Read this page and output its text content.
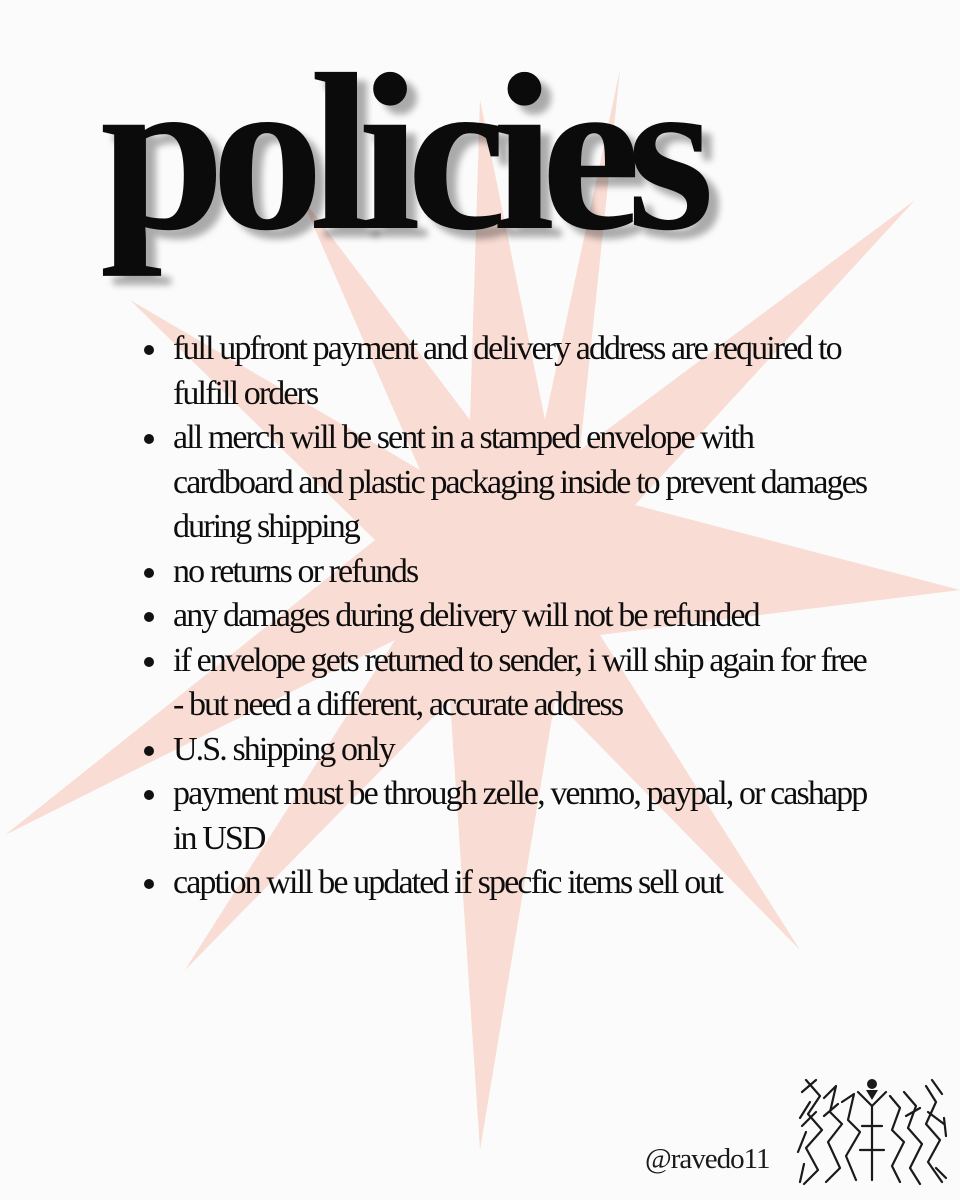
policies
full upfront payment and delivery address are required to fulfill orders
all merch will be sent in a stamped envelope with cardboard and plastic packaging inside to prevent damages during shipping
no returns or refunds
any damages during delivery will not be refunded
if envelope gets returned to sender, i will ship again for free - but need a different, accurate address
U.S. shipping only
payment must be through zelle, venmo, paypal, or cashapp in USD
caption will be updated if specfic items sell out
@ravedo11
